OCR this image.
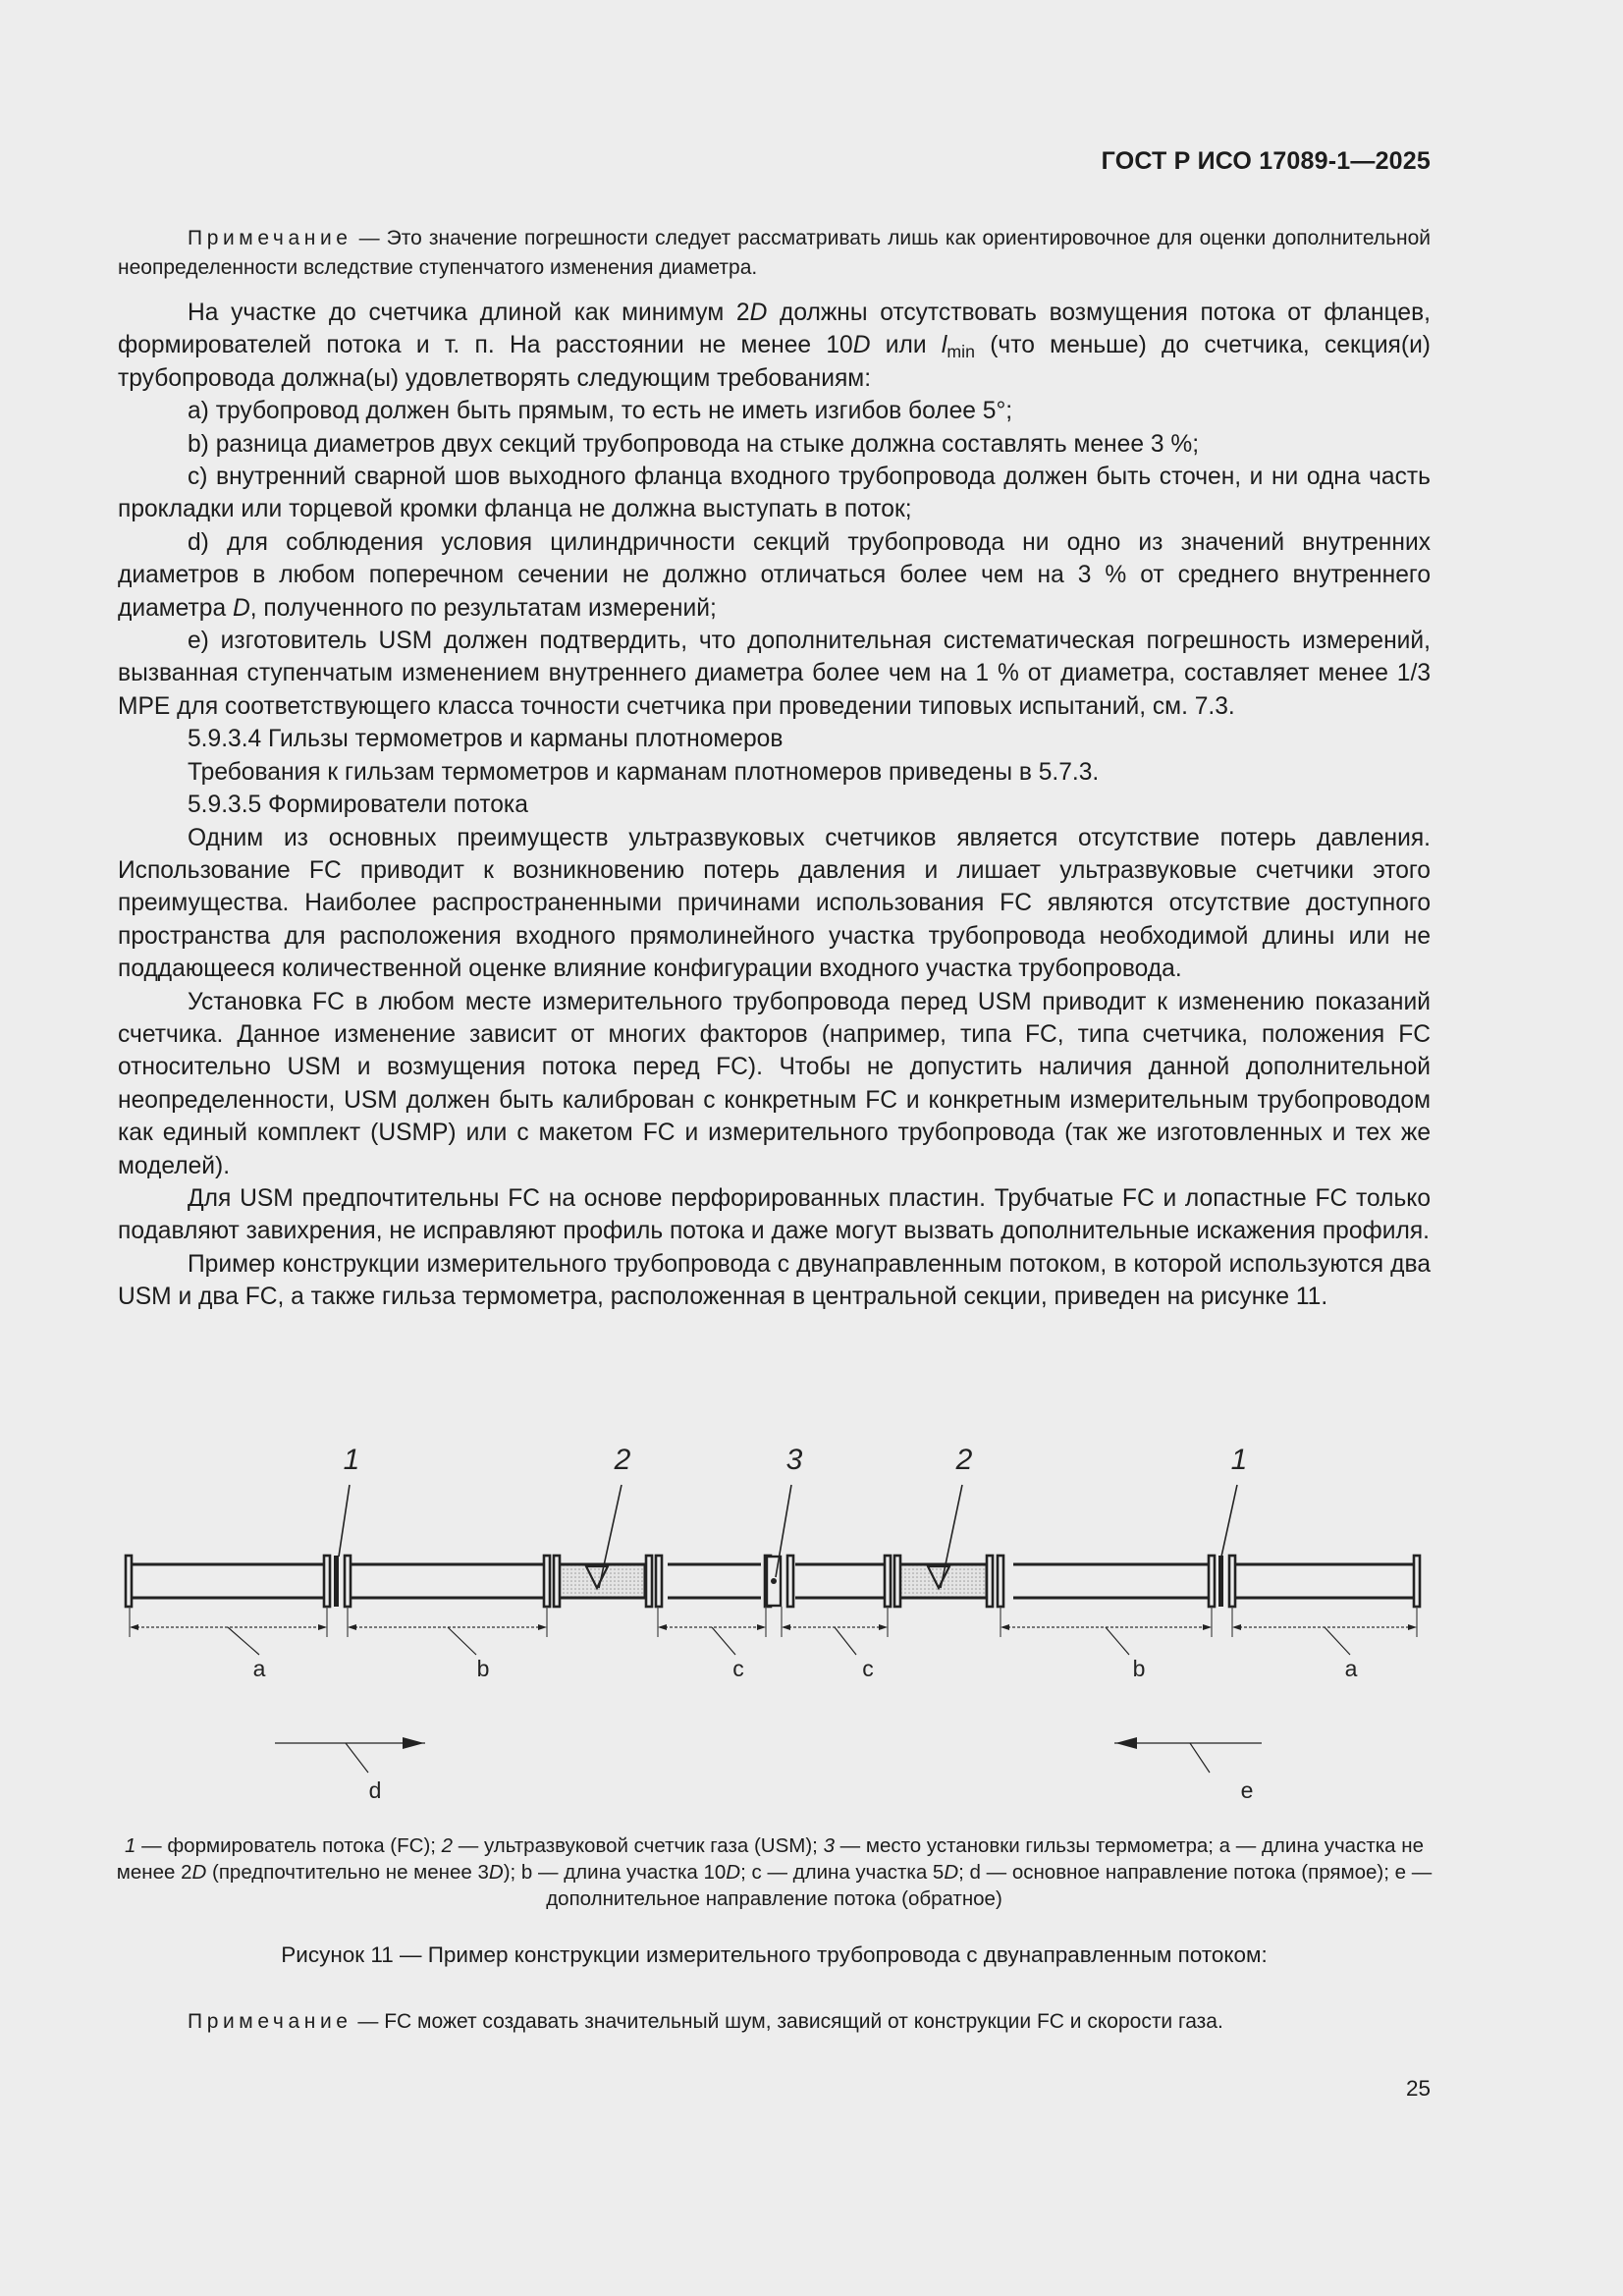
ГОСТ Р ИСО 17089-1—2025

Примечание — Это значение погрешности следует рассматривать лишь как ориентировочное для оценки дополнительной неопределенности вследствие ступенчатого изменения диаметра.

На участке до счетчика длиной как минимум 2D должны отсутствовать возмущения потока от фланцев, формирователей потока и т. п. На расстоянии не менее 10D или $l_{min}$ (что меньше) до счетчика, секция(и) трубопровода должна(ы) удовлетворять следующим требованиям:

а) трубопровод должен быть прямым, то есть не иметь изгибов более 5°;

b) разница диаметров двух секций трубопровода на стыке должна составлять менее 3 %;

c) внутренний сварной шов выходного фланца входного трубопровода должен быть сточен, и ни одна часть прокладки или торцевой кромки фланца не должна выступать в поток;

d) для соблюдения условия цилиндричности секций трубопровода ни одно из значений внутренних диаметров в любом поперечном сечении не должно отличаться более чем на 3 % от среднего внутреннего диаметра D, полученного по результатам измерений;

е) изготовитель USM должен подтвердить, что дополнительная систематическая погрешность измерений, вызванная ступенчатым изменением внутреннего диаметра более чем на 1 % от диаметра, составляет менее 1/3 MPE для соответствующего класса точности счетчика при проведении типовых испытаний, см. 7.3.

5.9.3.4 Гильзы термометров и карманы плотномеров

Требования к гильзам термометров и карманам плотномеров приведены в 5.7.3.

5.9.3.5 Формирователи потока

Одним из основных преимуществ ультразвуковых счетчиков является отсутствие потерь давления. Использование FC приводит к возникновению потерь давления и лишает ультразвуковые счетчики этого преимущества. Наиболее распространенными причинами использования FC являются отсутствие доступного пространства для расположения входного прямолинейного участка трубопровода необходимой длины или не поддающееся количественной оценке влияние конфигурации входного участка трубопровода.

Установка FC в любом месте измерительного трубопровода перед USM приводит к изменению показаний счетчика. Данное изменение зависит от многих факторов (например, типа FC, типа счетчика, положения FC относительно USM и возмущения потока перед FC). Чтобы не допустить наличия данной дополнительной неопределенности, USM должен быть калиброван с конкретным FC и конкретным измерительным трубопроводом как единый комплект (USMP) или с макетом FC и измерительного трубопровода (так же изготовленных и тех же моделей).

Для USM предпочтительны FC на основе перфорированных пластин. Трубчатые FC и лопастные FC только подавляют завихрения, не исправляют профиль потока и даже могут вызвать дополнительные искажения профиля.

Пример конструкции измерительного трубопровода с двунаправленным потоком, в которой используются два USM и два FC, а также гильза термометра, расположенная в центральной секции, приведен на рисунке 11.

1	2	3	2	1
a	b	c	c	b	a
d	e
1 — формирователь потока (FC); 2 — ультразвуковой счетчик газа (USM); 3 — место установки гильзы термометра; а — длина участка не менее 2D (предпочтительно не менее 3D); b — длина участка 10D; с — длина участка 5D; d — основное направление потока (прямое); е — дополнительное направление потока (обратное)
Рисунок 11 — Пример конструкции измерительного трубопровода с двунаправленным потоком:

Примечание — FC может создавать значительный шум, зависящий от конструкции FC и скорости газа.

25
